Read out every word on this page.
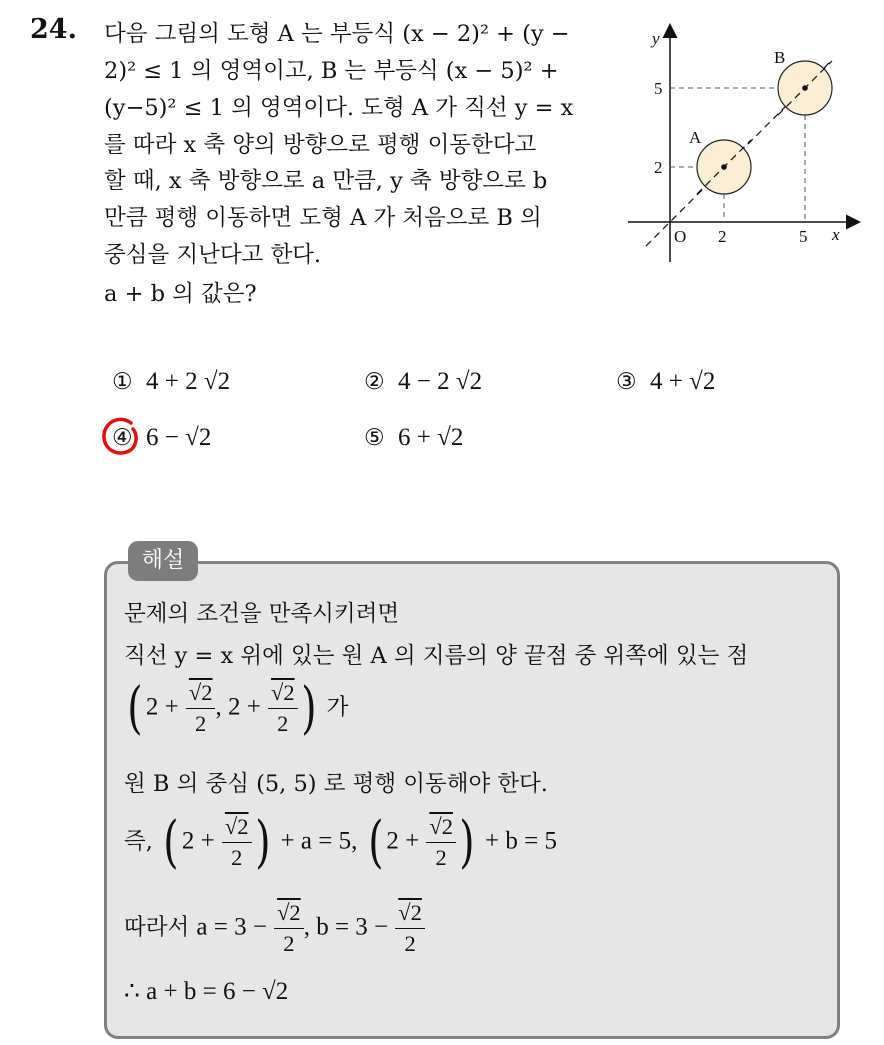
24. 다음 그림의 도형 A 는 부등식 (x − 2)² + (y −
2)² ≤ 1 의 영역이고, B 는 부등식 (x − 5)² +
(y−5)² ≤ 1 의 영역이다. 도형 A 가 직선 y = x
를 따라 x 축 양의 방향으로 평행 이동한다고
할 때, x 축 방향으로 a 만큼, y 축 방향으로 b
만큼 평행 이동하면 도형 A 가 처음으로 B 의
중심을 지난다고 한다.
a + b 의 값은?
y
x
O 2	5
2
5
A
B
① 4 + 2 √2	② 4 − 2 √2	③ 4 + √2
④ 6 − √2	⑤ 6 + √2
해설
문제의 조건을 만족시키려면
직선 y = x 위에 있는 원 A 의 지름의 양 끝점 중 위쪽에 있는 점
( $2 + \frac{√2}{2}$ , $2 + \frac{√2}{2}$ ) 가
원 B 의 중심 (5, 5) 로 평행 이동해야 한다.
즉, ( $2 + \frac{√2}{2}$ ) + a = 5, ( $2 + \frac{√2}{2}$ ) + b = 5
따라서 $a = 3 - \frac{√2}{2}$ , $b = 3 - \frac{√2}{2}$
∴ a + b = 6 − √2
